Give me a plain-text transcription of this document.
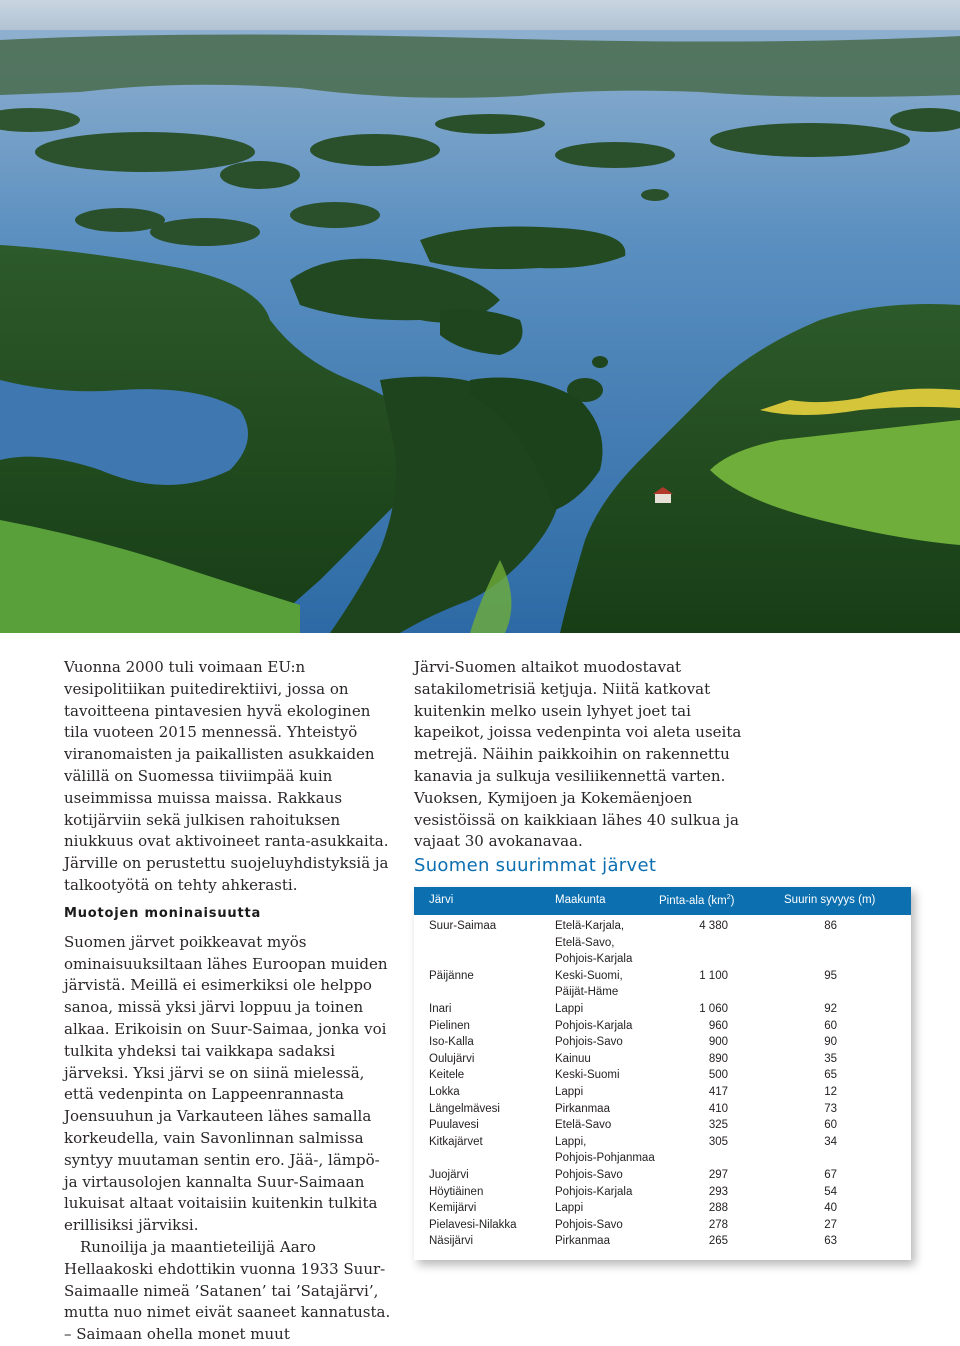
Vuonna 2000 tuli voimaan EU:n vesipolitiikan puitedirektiivi, jossa on tavoitteena pintavesien hyvä ekologinen tila vuoteen 2015 mennessä. Yhteistyö viranomaisten ja paikallisten asukkaiden välillä on Suomessa tiiviimpää kuin useimmissa muissa maissa. Rakkaus kotijärviin sekä julkisen rahoituksen niukkuus ovat aktivoineet ranta-asukkaita. Järville on perustettu suojeluyhdistyksiä ja talkootyötä on tehty ahkerasti.

Muotojen moninaisuutta

Suomen järvet poikkeavat myös ominaisuuksiltaan lähes Euroopan muiden järvistä. Meillä ei esimerkiksi ole helppo sanoa, missä yksi järvi loppuu ja toinen alkaa. Erikoisin on Suur-Saimaa, jonka voi tulkita yhdeksi tai vaikkapa sadaksi järveksi. Yksi järvi se on siinä mielessä, että vedenpinta on Lappeenrannasta Joensuuhun ja Varkauteen lähes samalla korkeudella, vain Savonlinnan salmissa syntyy muutaman sentin ero. Jää-, lämpö- ja virtausolojen kannalta Suur-Saimaan lukuisat altaat voitaisiin kuitenkin tulkita erillisiksi järviksi.

Runoilija ja maantieteilijä Aaro Hellaakoski ehdottikin vuonna 1933 Suur-Saimaalle nimeä ’Satanen’ tai ’Satajärvi’, mutta nuo nimet eivät saaneet kannatusta. – Saimaan ohella monet muut

Järvi-Suomen altaikot muodostavat satakilometrisiä ketjuja. Niitä katkovat kuitenkin melko usein lyhyet joet tai kapeikot, joissa vedenpinta voi aleta useita metrejä. Näihin paikkoihin on rakennettu kanavia ja sulkuja vesiliikennettä varten. Vuoksen, Kymijoen ja Kokemäenjoen vesistöissä on kaikkiaan lähes 40 sulkua ja vajaat 30 avokanavaa.

Suomen suurimmat järvet
Järvi	Maakunta	Pinta-ala $(km^2)$	Suurin syvyys (m)
Suur-Saimaa	Etelä-Karjala,	4 380	86
Etelä-Savo,
Pohjois-Karjala
Päijänne	Keski-Suomi,	1 100	95
Päijät-Häme
Inari	Lappi	1 060	92
Pielinen	Pohjois-Karjala	960	60
Iso-Kalla	Pohjois-Savo	900	90
Oulujärvi	Kainuu	890	35
Keitele	Keski-Suomi	500	65
Lokka	Lappi	417	12
Längelmävesi	Pirkanmaa	410	73
Puulavesi	Etelä-Savo	325	60
Kitkajärvet	Lappi,	305	34
Pohjois-Pohjanmaa
Juojärvi	Pohjois-Savo	297	67
Höytiäinen	Pohjois-Karjala	293	54
Kemijärvi	Lappi	288	40
Pielavesi-Nilakka	Pohjois-Savo	278	27
Näsijärvi	Pirkanmaa	265	63
